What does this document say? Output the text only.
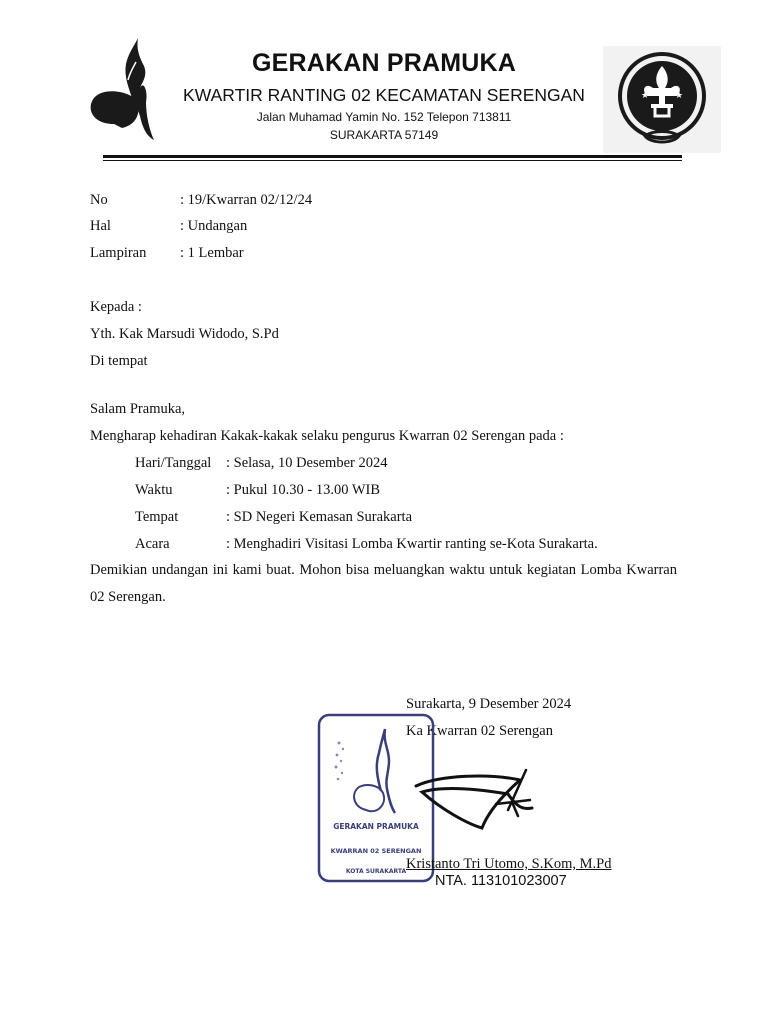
★	★
GERAKAN PRAMUKA
KWARTIR RANTING 02 KECAMATAN SERENGAN
Jalan Muhamad Yamin No. 152 Telepon 713811
SURAKARTA 57149
No	: 19/Kwarran 02/12/24
Hal	: Undangan
Lampiran : 1 Lembar
Kepada :
Yth. Kak Marsudi Widodo, S.Pd
Di tempat
Salam Pramuka,
Mengharap kehadiran Kakak-kakak selaku pengurus Kwarran 02 Serengan pada :
Hari/Tanggal : Selasa, 10 Desember 2024
Waktu	: Pukul 10.30 - 13.00 WIB
Tempat	: SD Negeri Kemasan Surakarta
Acara	: Menghadiri Visitasi Lomba Kwartir ranting se-Kota Surakarta.
Demikian undangan ini kami buat. Mohon bisa meluangkan waktu untuk kegiatan Lomba Kwarran 02 Serengan.
Surakarta, 9 Desember 2024
Ka Kwarran 02 Serengan
GERAKAN PRAMUKA
KWARRAN 02 SERENGAN
KOTA SURAKARTA Kristanto Tri Utomo, S.Kom, M.Pd
NTA. 113101023007
